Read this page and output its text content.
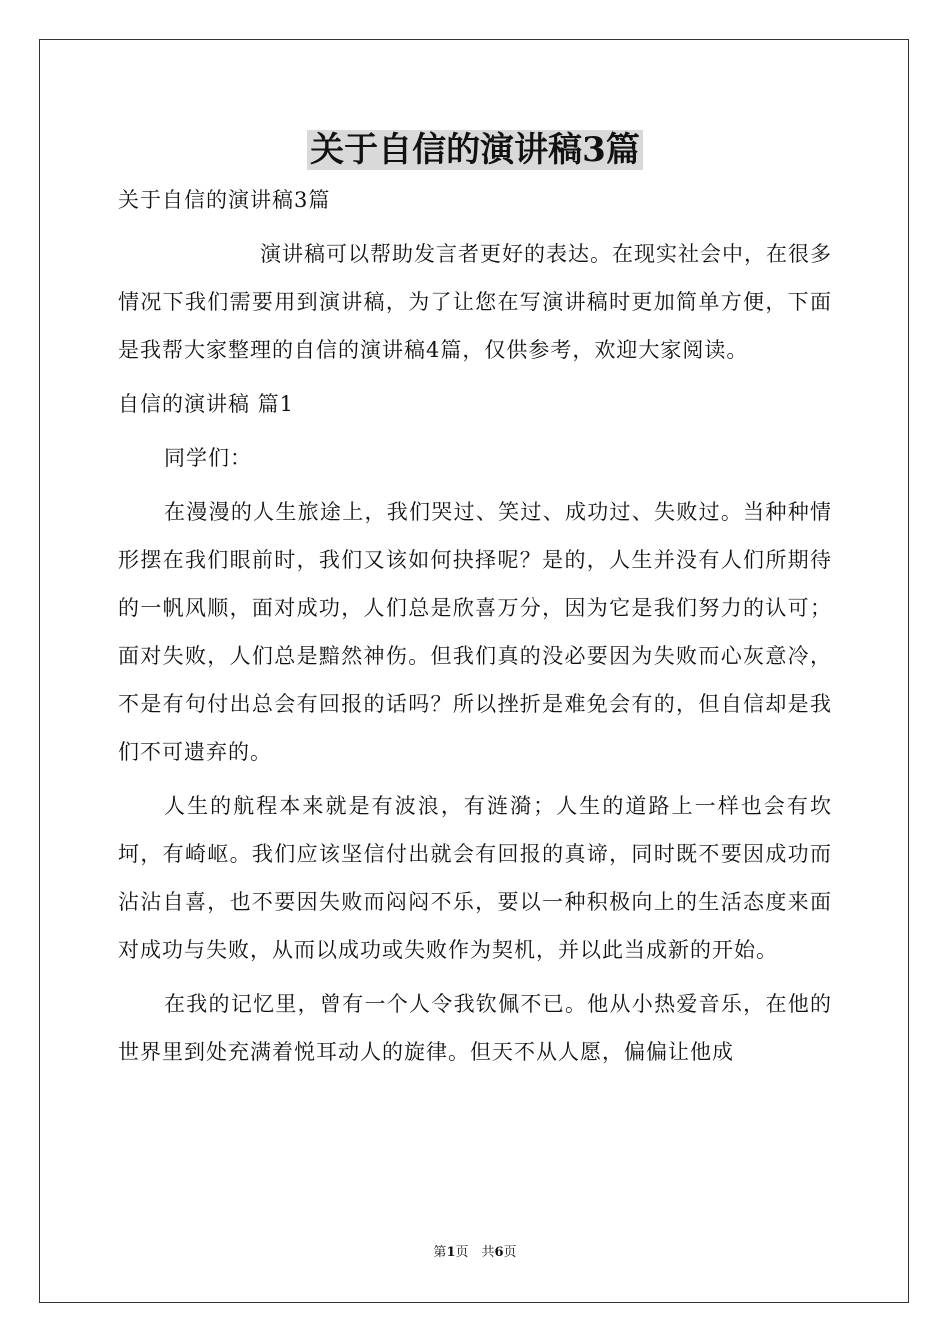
关于自信的演讲稿3篇

关于自信的演讲稿3篇

演讲稿可以帮助发言者更好的表达。在现实社会中，在很多情况下我们需要用到演讲稿，为了让您在写演讲稿时更加简单方便，下面是我帮大家整理的自信的演讲稿4篇，仅供参考，欢迎大家阅读。

自信的演讲稿 篇1

同学们：

在漫漫的人生旅途上，我们哭过、笑过、成功过、失败过。当种种情形摆在我们眼前时，我们又该如何抉择呢？是的，人生并没有人们所期待的一帆风顺，面对成功，人们总是欣喜万分，因为它是我们努力的认可；面对失败，人们总是黯然神伤。但我们真的没必要因为失败而心灰意冷，不是有句付出总会有回报的话吗？所以挫折是难免会有的，但自信却是我们不可遗弃的。

人生的航程本来就是有波浪，有涟漪；人生的道路上一样也会有坎坷，有崎岖。我们应该坚信付出就会有回报的真谛，同时既不要因成功而沾沾自喜，也不要因失败而闷闷不乐，要以一种积极向上的生活态度来面对成功与失败，从而以成功或失败作为契机，并以此当成新的开始。

在我的记忆里，曾有一个人令我钦佩不已。他从小热爱音乐，在他的世界里到处充满着悦耳动人的旋律。但天不从人愿，偏偏让他成

第1页　共6页
